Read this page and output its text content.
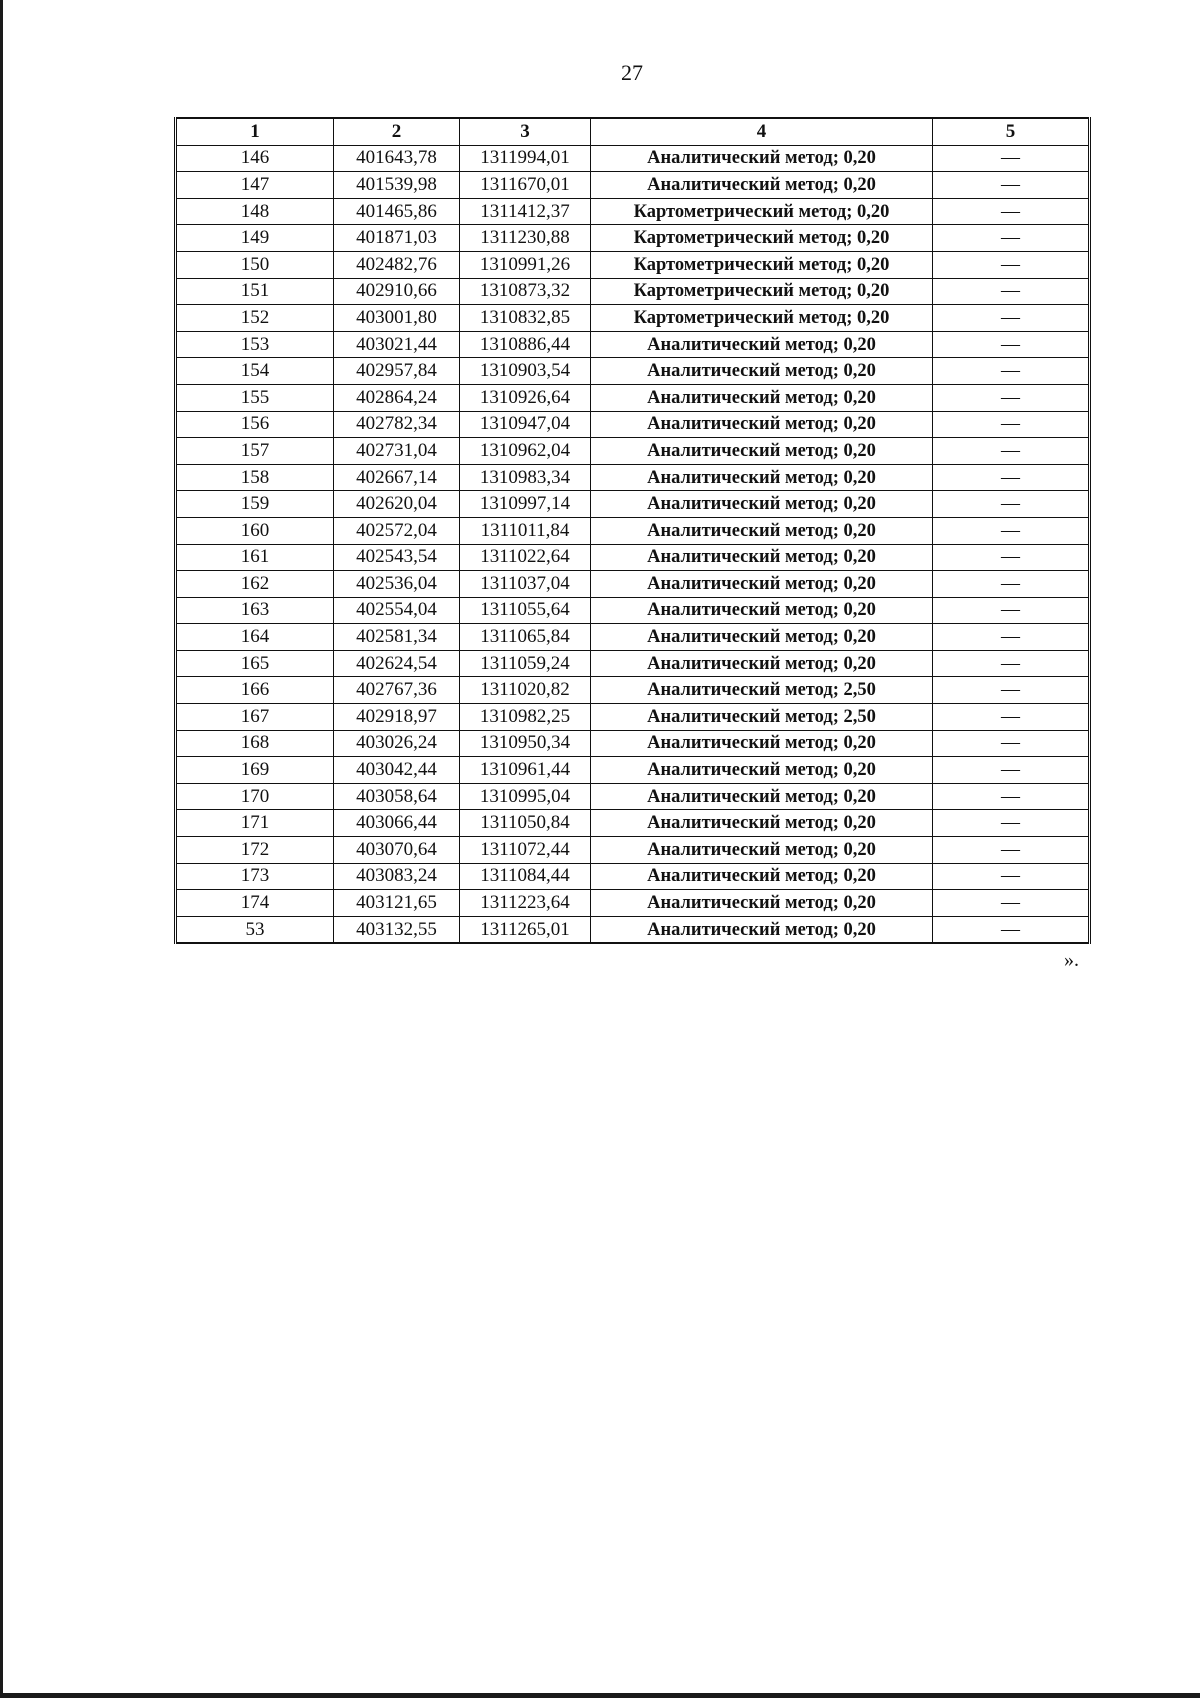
27
1	2	3	4	5
146	401643,78	1311994,01	Аналитический метод; 0,20	—
147	401539,98	1311670,01	Аналитический метод; 0,20	—
148	401465,86	1311412,37	Картометрический метод; 0,20	—
149	401871,03	1311230,88	Картометрический метод; 0,20	—
150	402482,76	1310991,26	Картометрический метод; 0,20	—
151	402910,66	1310873,32	Картометрический метод; 0,20	—
152	403001,80	1310832,85	Картометрический метод; 0,20	—
153	403021,44	1310886,44	Аналитический метод; 0,20	—
154	402957,84	1310903,54	Аналитический метод; 0,20	—
155	402864,24	1310926,64	Аналитический метод; 0,20	—
156	402782,34	1310947,04	Аналитический метод; 0,20	—
157	402731,04	1310962,04	Аналитический метод; 0,20	—
158	402667,14	1310983,34	Аналитический метод; 0,20	—
159	402620,04	1310997,14	Аналитический метод; 0,20	—
160	402572,04	1311011,84	Аналитический метод; 0,20	—
161	402543,54	1311022,64	Аналитический метод; 0,20	—
162	402536,04	1311037,04	Аналитический метод; 0,20	—
163	402554,04	1311055,64	Аналитический метод; 0,20	—
164	402581,34	1311065,84	Аналитический метод; 0,20	—
165	402624,54	1311059,24	Аналитический метод; 0,20	—
166	402767,36	1311020,82	Аналитический метод; 2,50	—
167	402918,97	1310982,25	Аналитический метод; 2,50	—
168	403026,24	1310950,34	Аналитический метод; 0,20	—
169	403042,44	1310961,44	Аналитический метод; 0,20	—
170	403058,64	1310995,04	Аналитический метод; 0,20	—
171	403066,44	1311050,84	Аналитический метод; 0,20	—
172	403070,64	1311072,44	Аналитический метод; 0,20	—
173	403083,24	1311084,44	Аналитический метод; 0,20	—
174	403121,65	1311223,64	Аналитический метод; 0,20	—
53	403132,55	1311265,01	Аналитический метод; 0,20	—
».
